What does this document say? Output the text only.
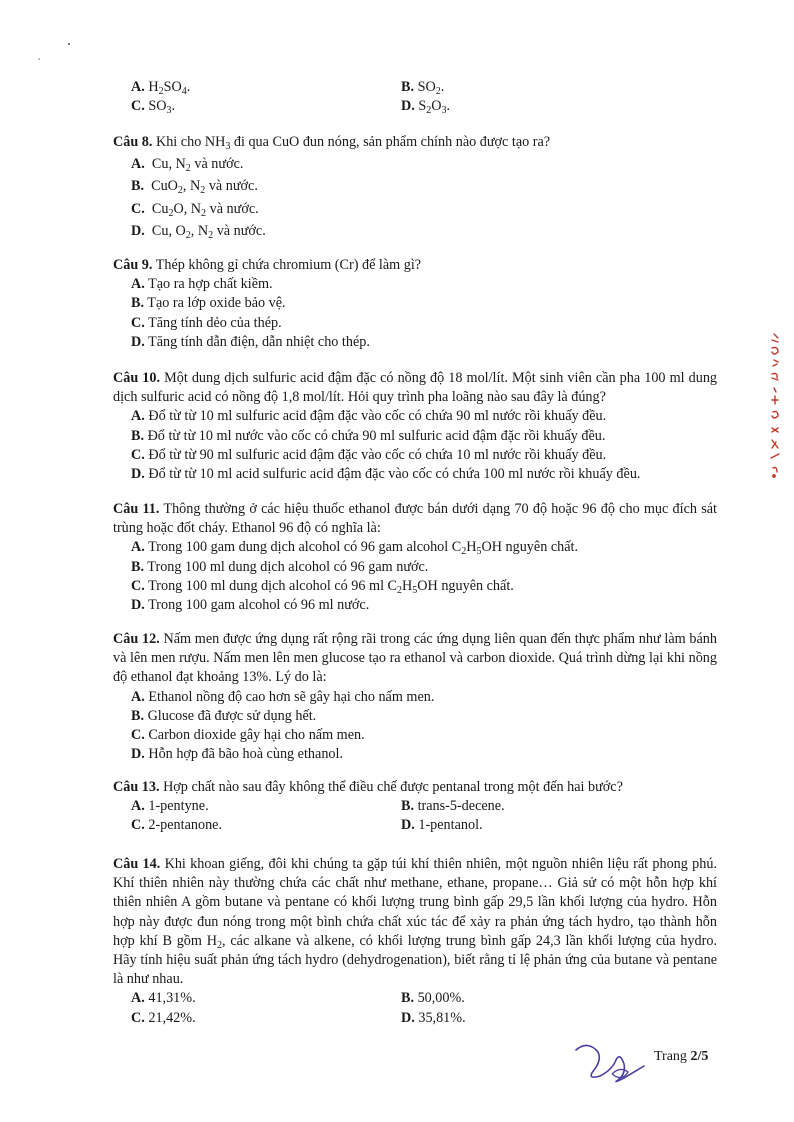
A. $H_2SO_4$.	B. $SO_2$.
C. $SO_3$.	D. $S_2O_3$.

Câu 8. Khi cho $NH_3$ đi qua CuO đun nóng, sản phẩm chính nào được tạo ra?

A. Cu, $N_2$ và nước.

B. CuO$_2$, $N_2$ và nước.

C. $Cu_2O$, $N_2$ và nước.

D. Cu, $O_2$, $N_2$ và nước.

Câu 9. Thép không gỉ chứa chromium (Cr) để làm gì?

A. Tạo ra hợp chất kiềm.

B. Tạo ra lớp oxide bảo vệ.

C. Tăng tính dẻo của thép.

D. Tăng tính dẫn điện, dẫn nhiệt cho thép.

Câu 10. Một dung dịch sulfuric acid đậm đặc có nồng độ 18 mol/lít. Một sinh viên cần pha 100 ml dung dịch sulfuric acid có nồng độ 1,8 mol/lít. Hỏi quy trình pha loãng nào sau đây là đúng?

A. Đổ từ từ 10 ml sulfuric acid đậm đặc vào cốc có chứa 90 ml nước rồi khuấy đều.

B. Đổ từ từ 10 ml nước vào cốc có chứa 90 ml sulfuric acid đậm đặc rồi khuấy đều.

C. Đổ từ từ 90 ml sulfuric acid đậm đặc vào cốc có chứa 10 ml nước rồi khuấy đều.

D. Đổ từ từ 10 ml acid sulfuric acid đậm đặc vào cốc có chứa 100 ml nước rồi khuấy đều.

Câu 11. Thông thường ở các hiệu thuốc ethanol được bán dưới dạng 70 độ hoặc 96 độ cho mục đích sát trùng hoặc đốt cháy. Ethanol 96 độ có nghĩa là:

A. Trong 100 gam dung dịch alcohol có 96 gam alcohol $C_2H_5OH$ nguyên chất.

B. Trong 100 ml dung dịch alcohol có 96 gam nước.

C. Trong 100 ml dung dịch alcohol có 96 ml $C_2H_5OH$ nguyên chất.

D. Trong 100 gam alcohol có 96 ml nước.

Câu 12. Nấm men được ứng dụng rất rộng rãi trong các ứng dụng liên quan đến thực phẩm như làm bánh và lên men rượu. Nấm men lên men glucose tạo ra ethanol và carbon dioxide. Quá trình dừng lại khi nồng độ ethanol đạt khoảng 13%. Lý do là:

A. Ethanol nồng độ cao hơn sẽ gây hại cho nấm men.

B. Glucose đã được sử dụng hết.

C. Carbon dioxide gây hại cho nấm men.

D. Hỗn hợp đã bão hoà cùng ethanol.

Câu 13. Hợp chất nào sau đây không thể điều chế được pentanal trong một đến hai bước?

A. 1-pentyne.	B. trans-5-decene.
C. 2-pentanone.	D. 1-pentanol.

Câu 14. Khi khoan giếng, đôi khi chúng ta gặp túi khí thiên nhiên, một nguồn nhiên liệu rất phong phú. Khí thiên nhiên này thường chứa các chất như methane, ethane, propane… Giả sử có một hỗn hợp khí thiên nhiên A gồm butane và pentane có khối lượng trung bình gấp 29,5 lần khối lượng của hydro. Hỗn hợp này được đun nóng trong một bình chứa chất xúc tác để xảy ra phản ứng tách hydro, tạo thành hỗn hợp khí B gồm $H_2$, các alkane và alkene, có khối lượng trung bình gấp 24,3 lần khối lượng của hydro. Hãy tính hiệu suất phản ứng tách hydro (dehydrogenation), biết rằng tỉ lệ phản ứng của butane và pentane là như nhau.

A. 41,31%.	B. 50,00%.
C. 21,42%.	D. 35,81%.
Trang 2/5
